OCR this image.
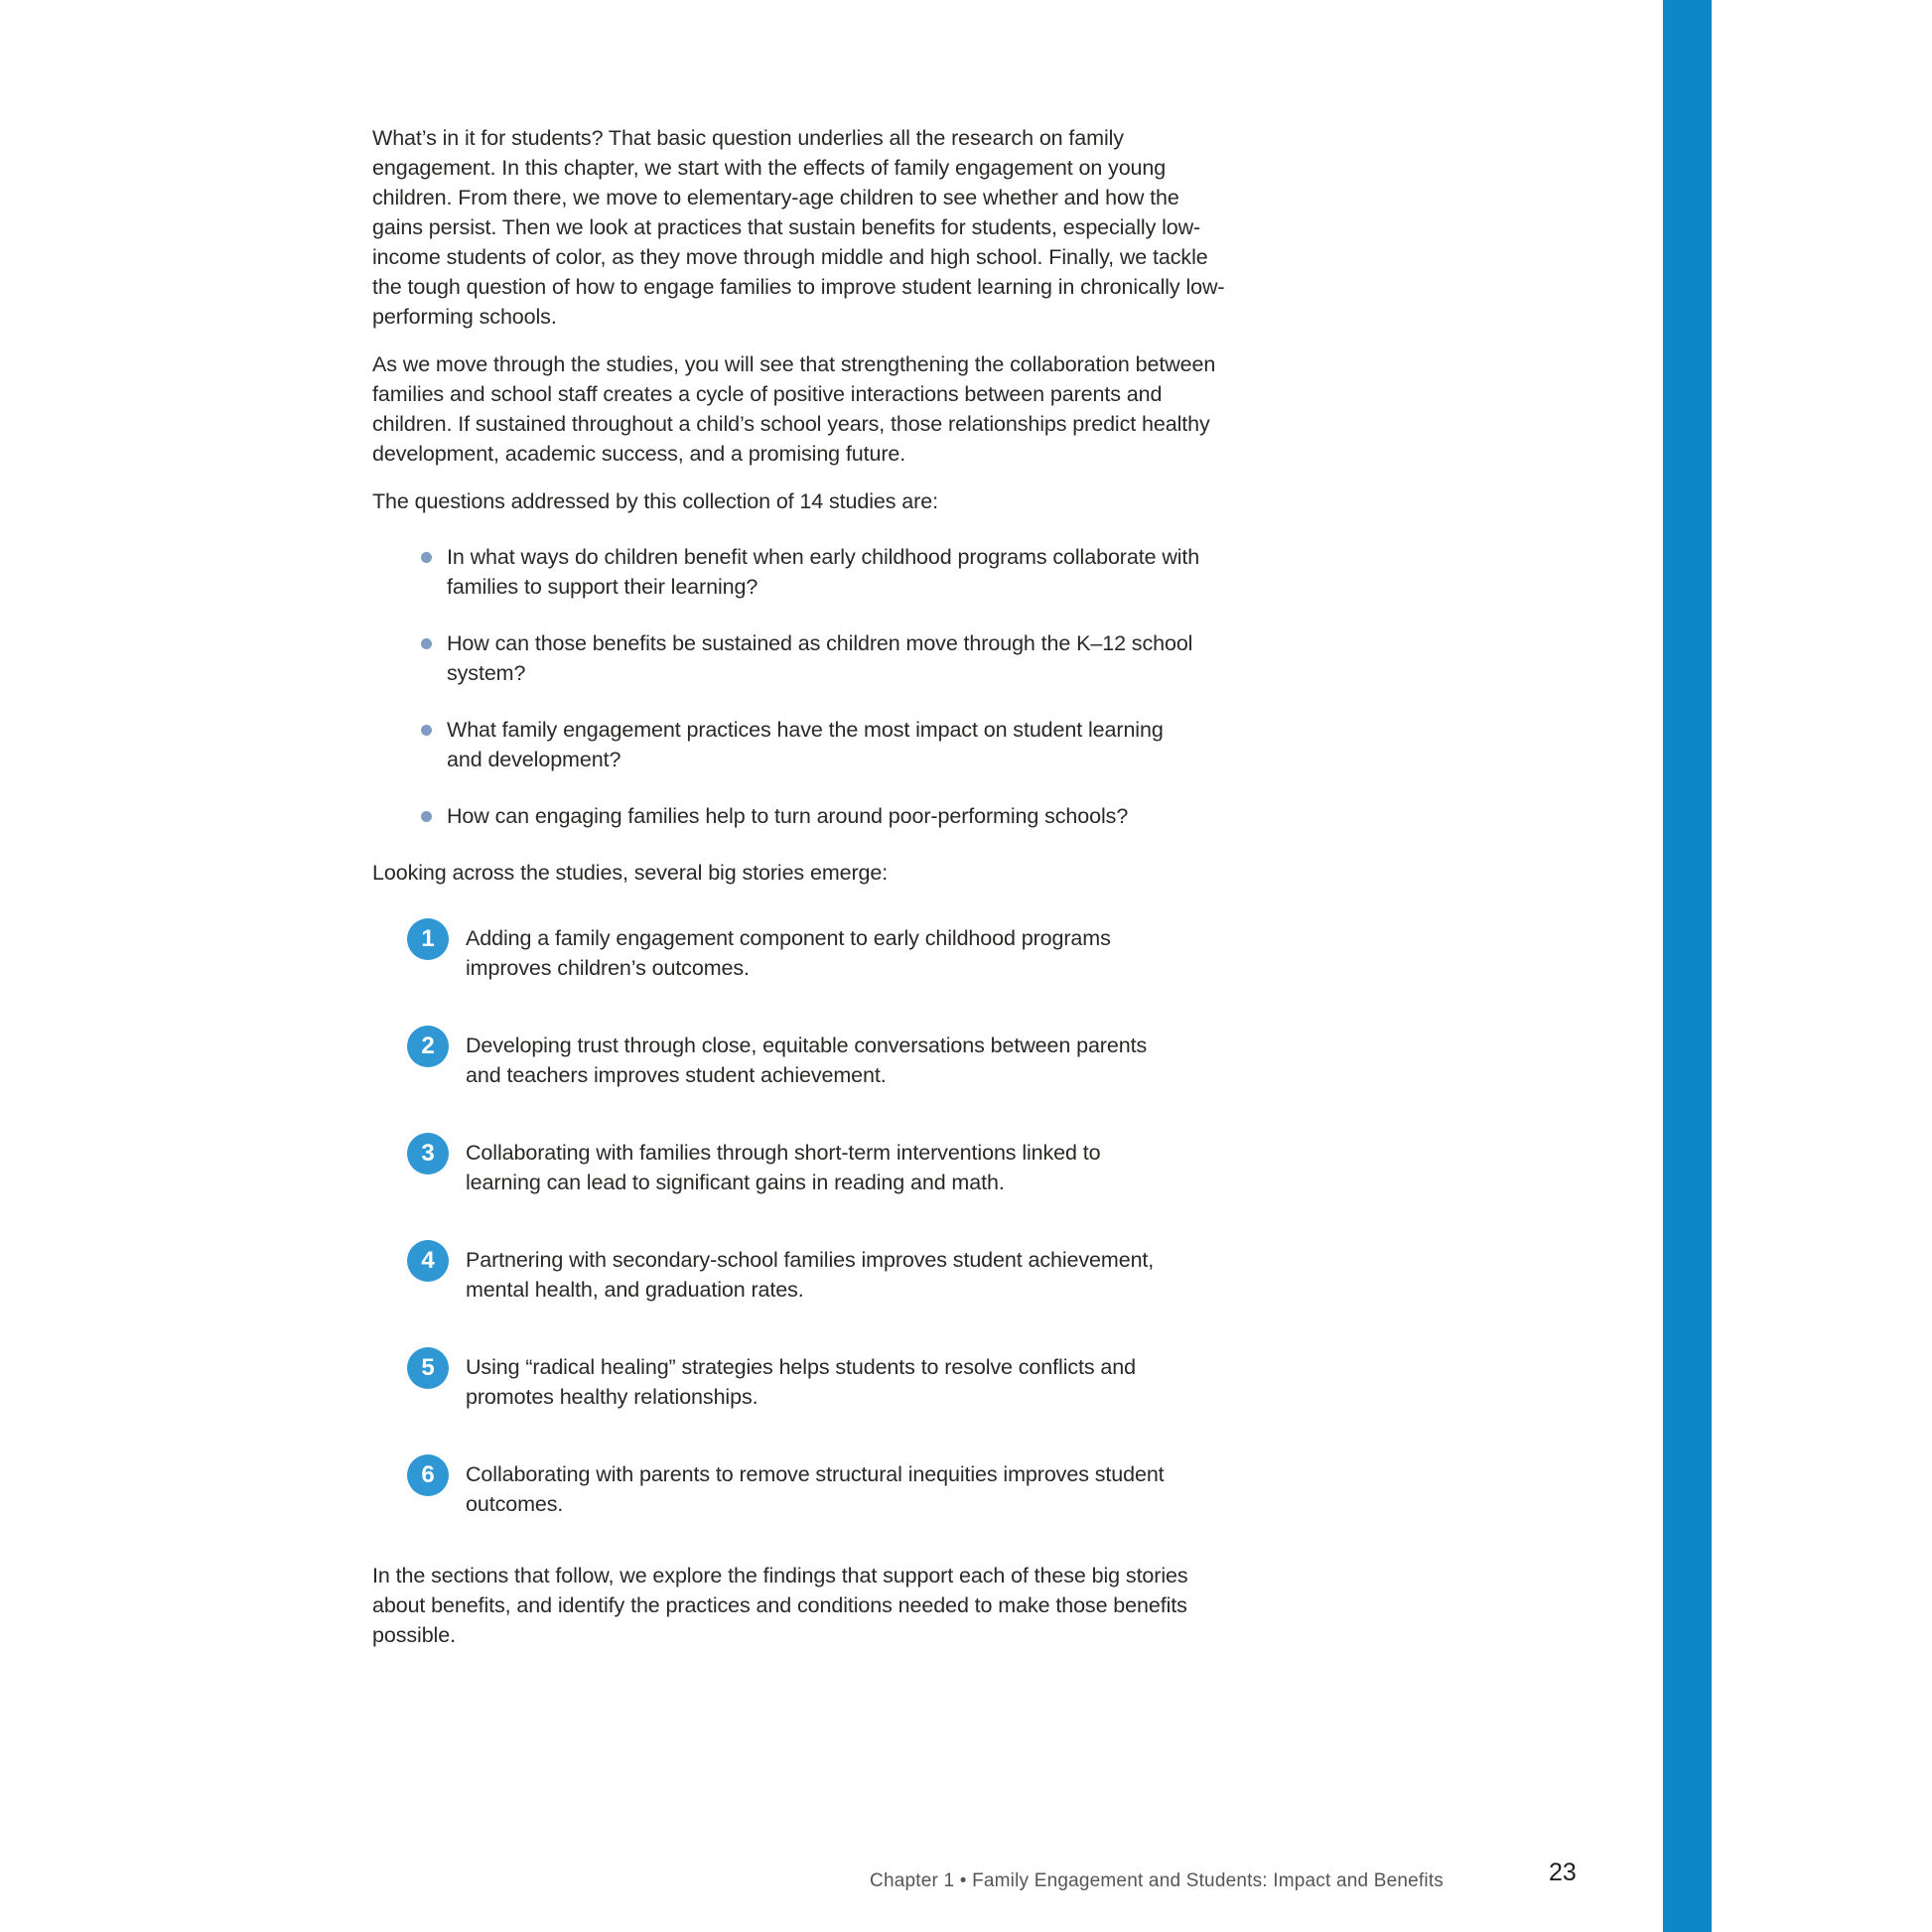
What’s in it for students? That basic question underlies all the research on family engagement. In this chapter, we start with the effects of family engagement on young children. From there, we move to elementary-age children to see whether and how the gains persist. Then we look at practices that sustain benefits for students, especially low-income students of color, as they move through middle and high school. Finally, we tackle the tough question of how to engage families to improve student learning in chronically low-performing schools.

As we move through the studies, you will see that strengthening the collaboration between families and school staff creates a cycle of positive interactions between parents and children. If sustained throughout a child’s school years, those relationships predict healthy development, academic success, and a promising future.

The questions addressed by this collection of 14 studies are:

In what ways do children benefit when early childhood programs collaborate with families to support their learning?
How can those benefits be sustained as children move through the K–12 school system?
What family engagement practices have the most impact on student learning and development?
How can engaging families help to turn around poor-performing schools?

Looking across the studies, several big stories emerge:

1	Adding a family engagement component to early childhood programs improves children’s outcomes.
2	Developing trust through close, equitable conversations between parents and teachers improves student achievement.
3	Collaborating with families through short-term interventions linked to learning can lead to significant gains in reading and math.
4	Partnering with secondary-school families improves student achievement, mental health, and graduation rates.
5	Using “radical healing” strategies helps students to resolve conflicts and promotes healthy relationships.
6	Collaborating with parents to remove structural inequities improves student outcomes.

In the sections that follow, we explore the findings that support each of these big stories about benefits, and identify the practices and conditions needed to make those benefits possible.

Chapter 1 • Family Engagement and Students: Impact and Benefits	23
